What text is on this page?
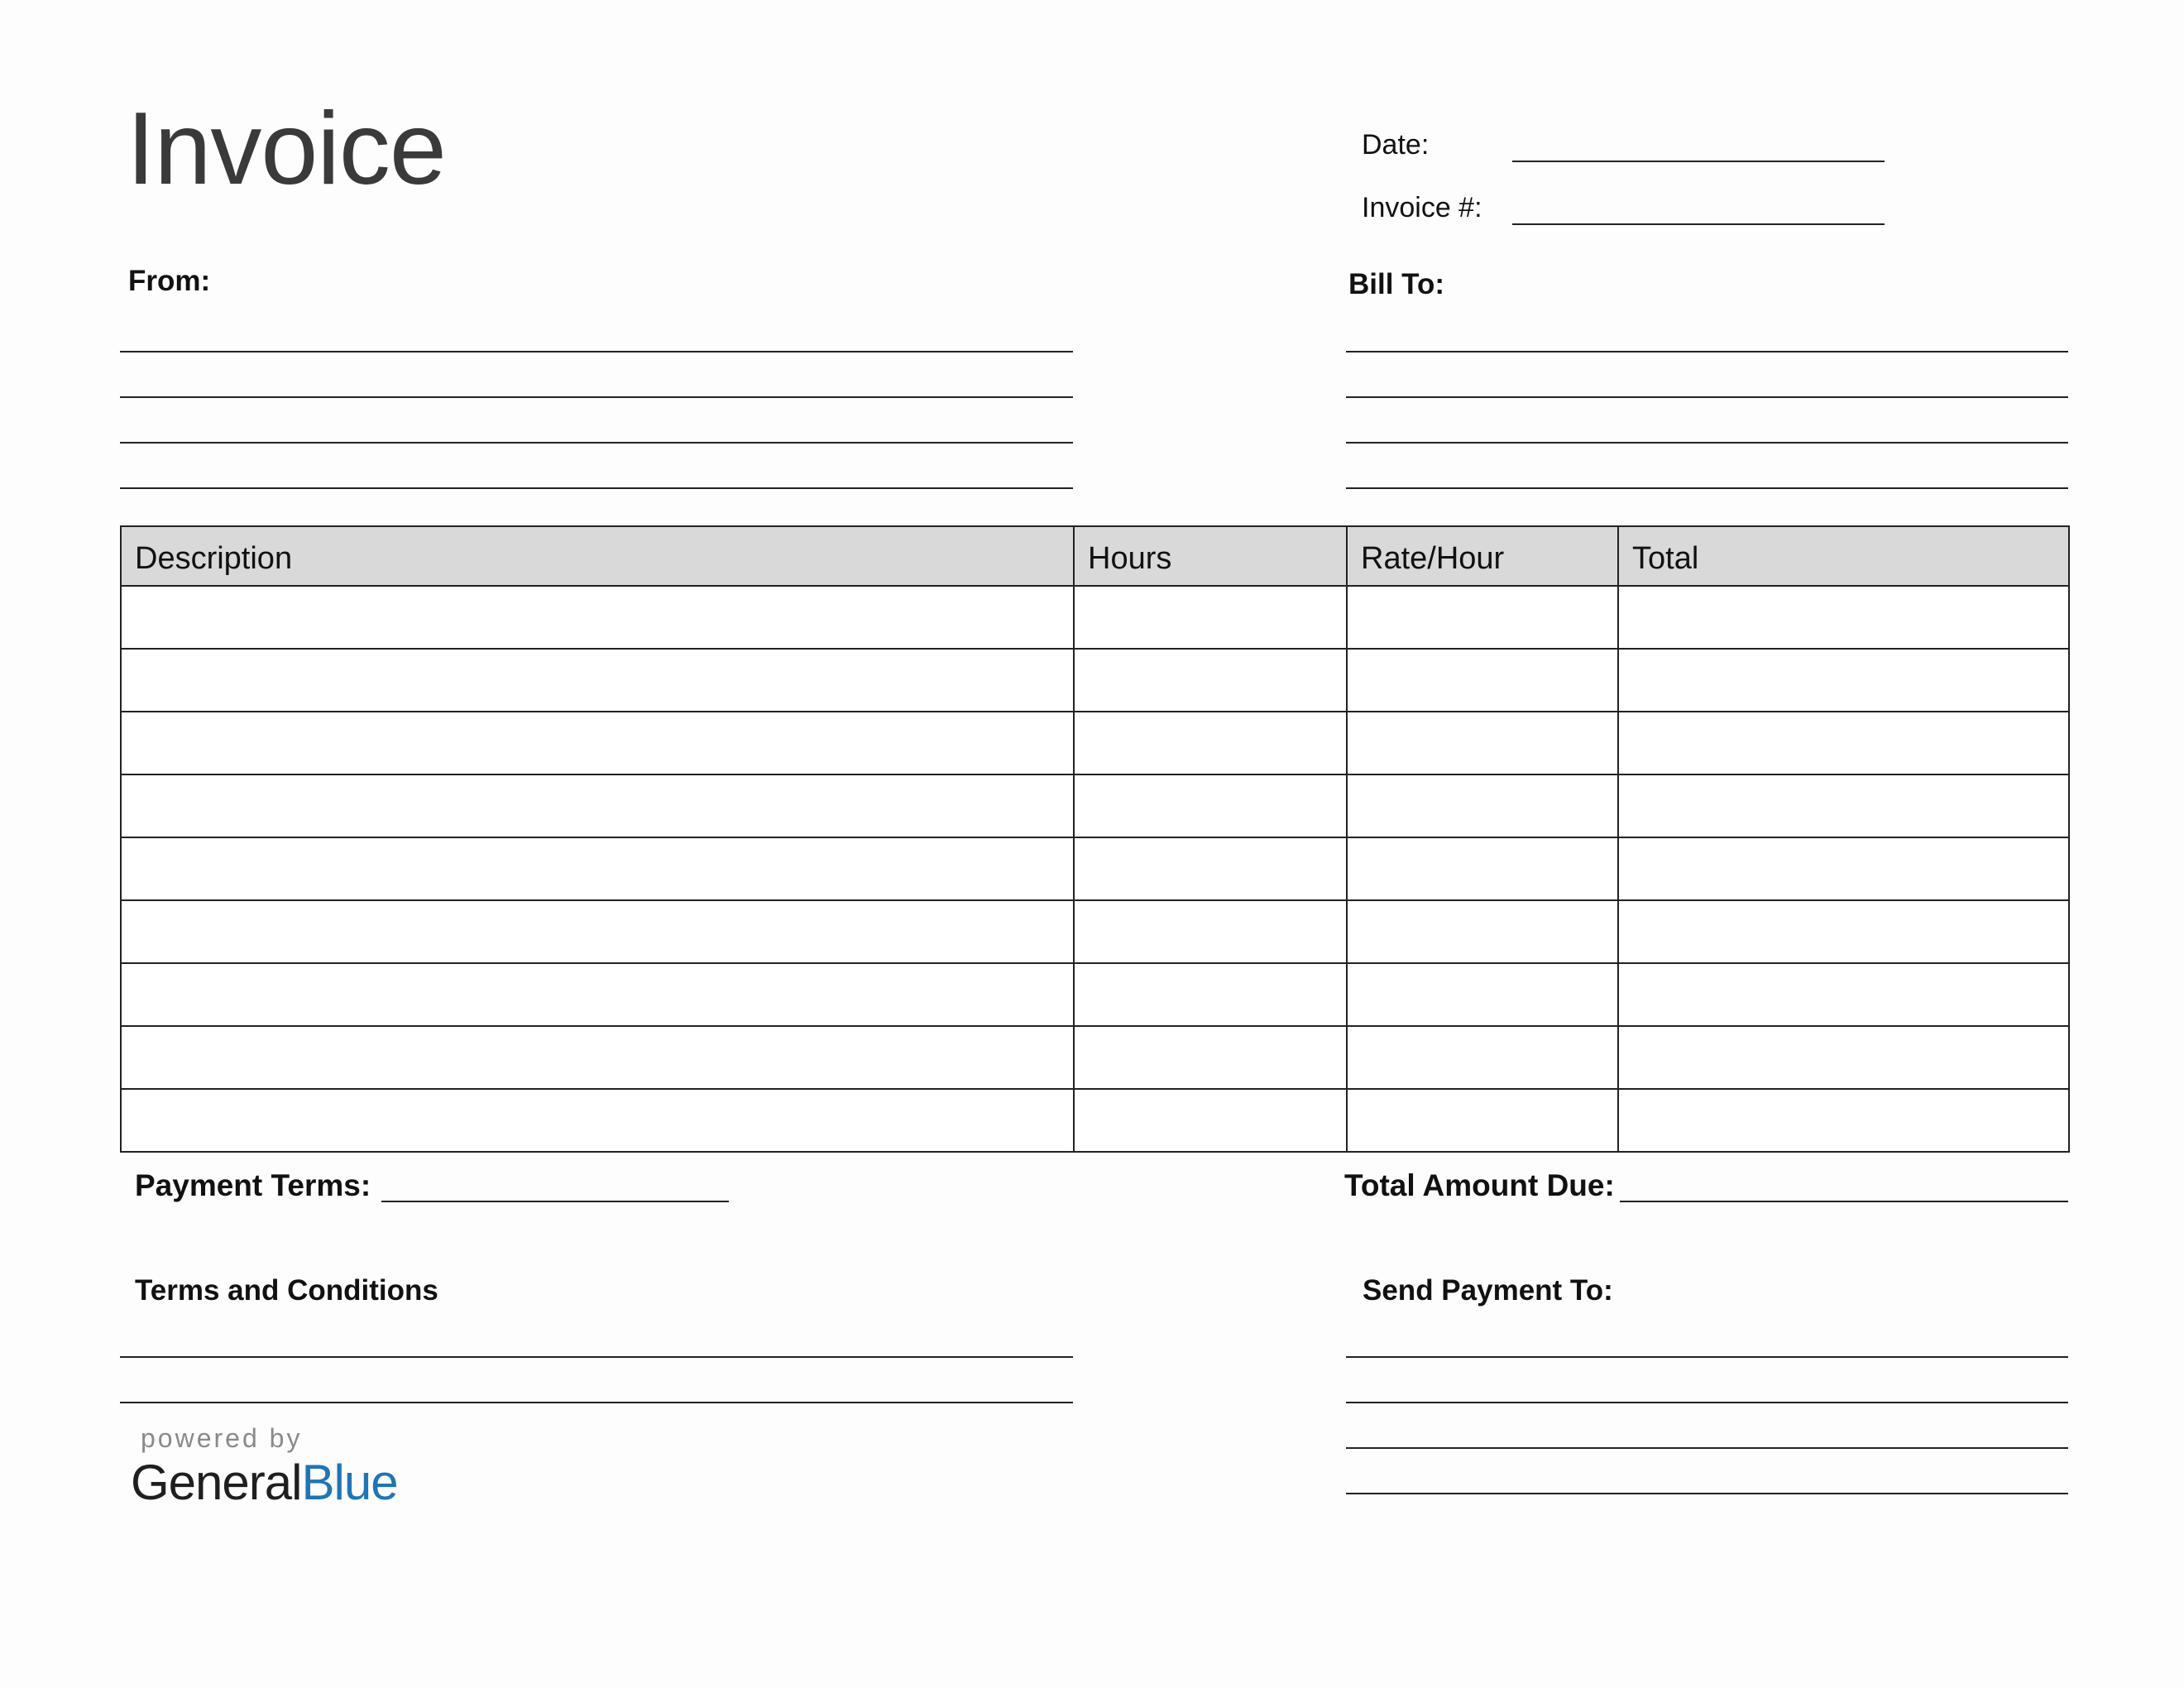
Invoice	Date:
Invoice #:
From:	Bill To:
Description	Hours	Rate/Hour	Total

Payment Terms:	Total Amount Due:
Terms and Conditions	Send Payment To:
powered by
GeneralBlue
